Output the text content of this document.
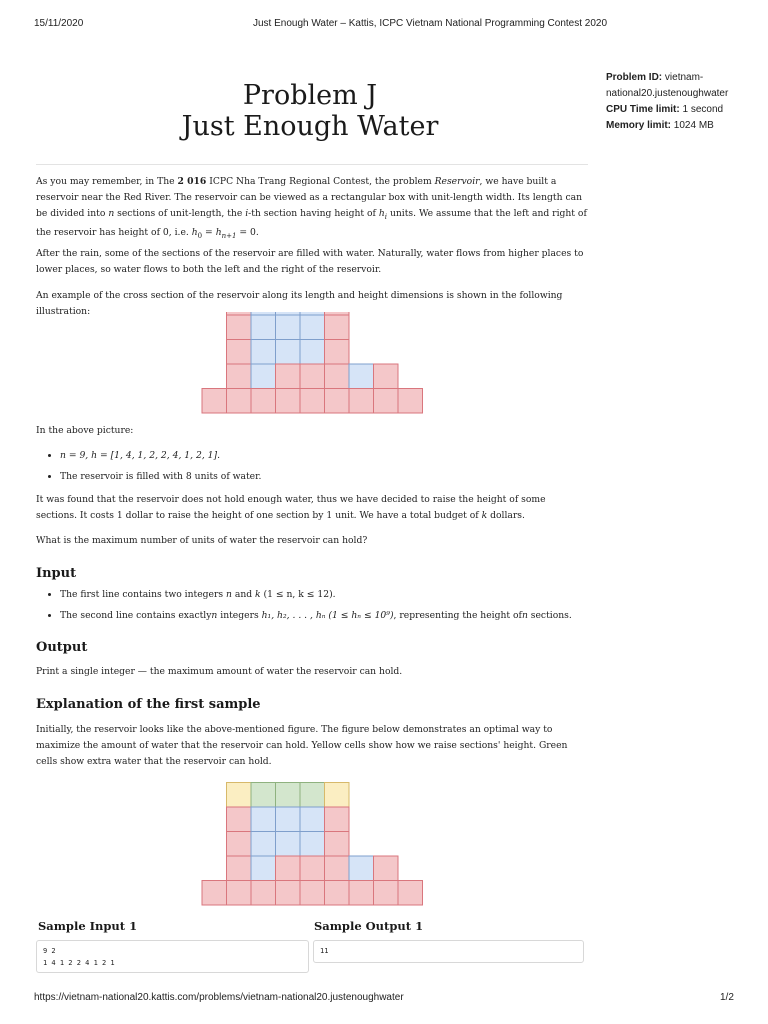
15/11/2020	Just Enough Water – Kattis, ICPC Vietnam National Programming Contest 2020
Problem J
Just Enough Water
Problem ID: vietnam-national20.justenoughwater
CPU Time limit: 1 second
Memory limit: 1024 MB
As you may remember, in The 2 016 ICPC Nha Trang Regional Contest, the problem Reservoir, we have built a reservoir near the Red River. The reservoir can be viewed as a rectangular box with unit-length width. Its length can be divided into n sections of unit-length, the i-th section having height of $h_i$ units. We assume that the left and right of the reservoir has height of 0, i.e. $h_0 = h_{n+1} = 0$.
After the rain, some of the sections of the reservoir are filled with water. Naturally, water flows from higher places to lower places, so water flows to both the left and the right of the reservoir.
An example of the cross section of the reservoir along its length and height dimensions is shown in the following illustration:
In the above picture:
• n = 9, h = [1, 4, 1, 2, 2, 4, 1, 2, 1].
• The reservoir is filled with 8 units of water.
It was found that the reservoir does not hold enough water, thus we have decided to raise the height of some sections. It costs 1 dollar to raise the height of one section by 1 unit. We have a total budget of k dollars.
What is the maximum number of units of water the reservoir can hold?
Input
• The first line contains two integers n and k (1 ≤ n, k ≤ 12).
• The second line contains exactlyn integers h₁, h₂, . . . , hₙ (1 ≤ hₙ ≤ 10⁹), representing the height ofn sections.
Output
Print a single integer — the maximum amount of water the reservoir can hold.
Explanation of the first sample
Initially, the reservoir looks like the above-mentioned figure. The figure below demonstrates an optimal way to maximize the amount of water that the reservoir can hold. Yellow cells show how we raise sections' height. Green cells show extra water that the reservoir can hold.
Sample Input 1
9 2
1 4 1 2 2 4 1 2 1
Sample Output 1
11
https://vietnam-national20.kattis.com/problems/vietnam-national20.justenoughwater	1/2
